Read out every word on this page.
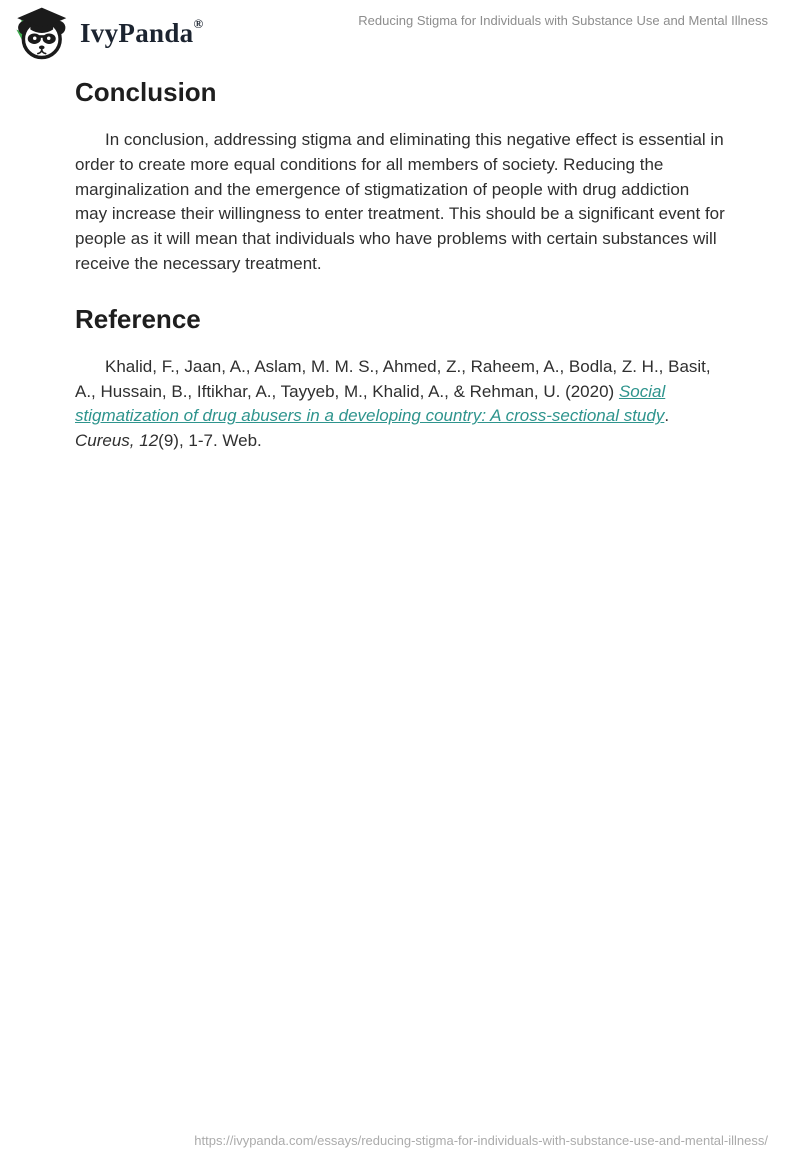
IvyPanda®	Reducing Stigma for Individuals with Substance Use and Mental Illness
Conclusion

In conclusion, addressing stigma and eliminating this negative effect is essential in order to create more equal conditions for all members of society. Reducing the marginalization and the emergence of stigmatization of people with drug addiction may increase their willingness to enter treatment. This should be a significant event for people as it will mean that individuals who have problems with certain substances will receive the necessary treatment.

Reference

Khalid, F., Jaan, A., Aslam, M. M. S., Ahmed, Z., Raheem, A., Bodla, Z. H., Basit, A., Hussain, B., Iftikhar, A., Tayyeb, M., Khalid, A., & Rehman, U. (2020) Social stigmatization of drug abusers in a developing country: A cross-sectional study. Cureus, 12(9), 1-7. Web.

https://ivypanda.com/essays/reducing-stigma-for-individuals-with-substance-use-and-mental-illness/
